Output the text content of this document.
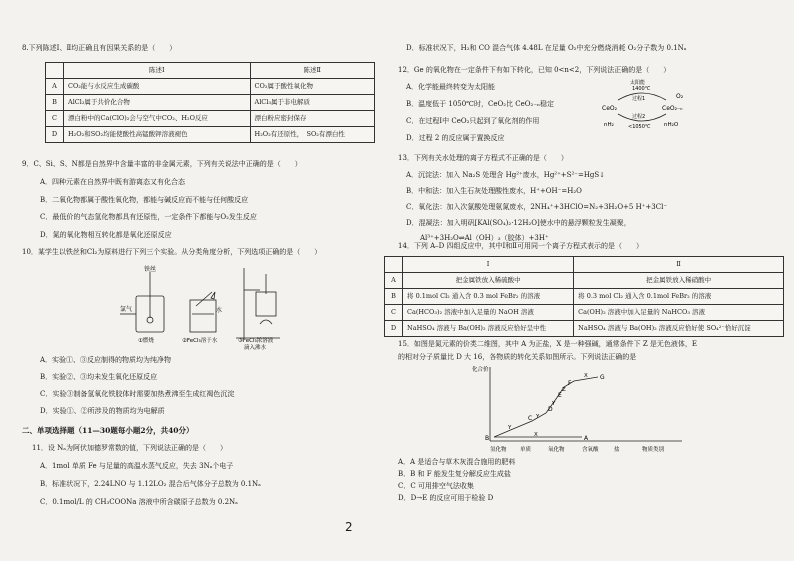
8.下列陈述Ⅰ、Ⅱ均正确且有因果关系的是（　　）
	陈述Ⅰ	陈述Ⅱ
A	CO₂能与水反应生成碳酸	CO₂属于酸性氧化物
B	AlCl₃属于共价化合物	AlCl₃属于非电解质
C	漂白粉中的Ca(ClO)₂会与空气中CO₂、H₂O反应	漂白粉应密封保存
D	H₂O₂和SO₂均能使酸性高锰酸钾溶液褪色	H₂O₂有还原性，　SO₂有漂白性
9．C、Si、S、N都是自然界中含量丰富的非金属元素，下列有关说法中正确的是（　　）
A．四种元素在自然界中既有游离态又有化合态
B．二氧化物都属于酸性氧化物，都能与碱反应而不能与任何酸反应
C．最低价的气态氢化物都具有还原性，一定条件下都能与O₂发生反应
D．氮的氧化物相互转化都是氧化还原反应
10．某学生以铁丝和Cl₂为原料进行下列三个实验。从分类角度分析，下列选项正确的是（　　）
铁丝
氯气	水
①燃烧	②FeCl₃溶于水	③FeCl₃浓溶液
滴入沸水
A．实验①、③反应制得的物质均为纯净物
B．实验②、③均未发生氧化还原反应
C．实验③制备氢氧化铁胶体时需要加热煮沸至生成红褐色沉淀
D．实验①、②所涉及的物质均为电解质
二、单项选择题（11—30题每小题2分，共40分）
11．设 Nₐ为阿伏加德罗常数的值，下列说法正确的是（　　）
A．1mol 单质 Fe 与足量的高温水蒸气反应，失去 3Nₐ个电子
B．标准状况下，2.24LNO 与 1.12LO₂ 混合后气体分子总数为 0.1Nₐ
C．0.1mol/L 的 CH₃COONa 溶液中所含碳原子总数为 0.2Nₐ
D．标准状况下，H₂和 CO 混合气体 4.48L 在足量 O₂中充分燃烧消耗 O₂分子数为 0.1Nₐ
12．Ge 的氧化物在一定条件下有如下转化，已知 0<n<2，下列说法正确的是（　　）
A．化学能最终转变为太阳能
B．温度低于 1050℃时，CeO₂比 CeO₂₋ₙ稳定
C．在过程Ⅰ中 CeO₂只起到了氧化剂的作用
D．过程 2 的反应属于置换反应
太阳能
1400℃
过程1
CeO₂	CeO₂₋ₙ
O₂
过程2
<1050℃
nH₂	nH₂O
13．下列有关水处理的离子方程式不正确的是（　　）
A．沉淀法：加入 Na₂S 处理含 Hg²⁺废水，Hg²⁺+S²⁻=HgS↓
B．中和法：加入生石灰处理酸性废水，H⁺+OH⁻=H₂O
C．氧化法：加入次氯酸处理氨氮废水，2NH₄⁺+3HClO=N₂+3H₂O+5 H⁺+3Cl⁻
D．混凝法：加入明矾[KAl(SO₄)₂·12H₂O]使水中的悬浮颗粒发生凝聚，
　　Al³⁺+3H₂O⇌Al（OH）₃（胶体）+3H⁺
14．下列 A–D 四组反应中，其中Ⅰ和Ⅱ可用同一个离子方程式表示的是（　　）
	Ⅰ	Ⅱ
A	把金属铁放入稀硫酸中	把金属铁放入稀硝酸中
B	将 0.1mol Cl₂ 通入含 0.3 mol FeBr₂ 的溶液	将 0.3 mol Cl₂ 通入含 0.1mol FeBr₂ 的溶液
C	Ca(HCO₃)₂ 溶液中加入足量的 NaOH 溶液	Ca(OH)₂ 溶液中加入足量的 NaHCO₃ 溶液
D	NaHSO₄ 溶液与 Ba(OH)₂ 溶液反应恰好呈中性	NaHSO₄ 溶液与 Ba(OH)₂ 溶液反应恰好使 SO₄²⁻恰好沉淀
15．如图是氮元素的价类二维图，其中 A 为正盐，X 是一种强碱，通常条件下 Z 是无色液体，E
的相对分子质量比 D 大 16，各物质的转化关系如图所示。下列说法正确的是
化合价
氢化物 单质	氧化物	含氧酸	盐	物质类别
A
B
C
D
E
F
G
X
Y
Y
Y
Z
X
A．A 是适合与草木灰混合施用的肥料
B．B 和 F 能发生复分解反应生成盐
C．C 可用排空气法收集
D．D→E 的反应可用于检验 D
2
